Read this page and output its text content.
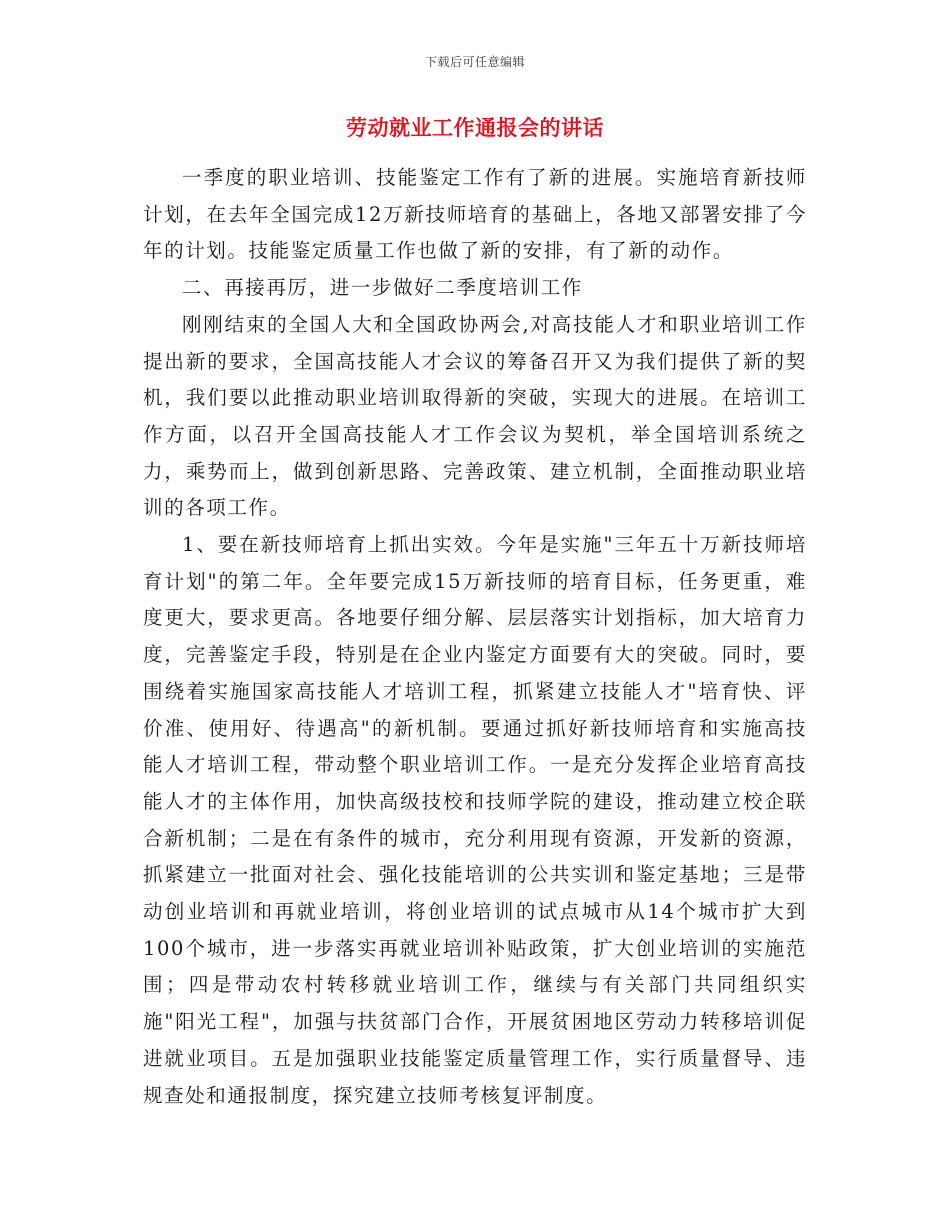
下载后可任意编辑
劳动就业工作通报会的讲话

一季度的职业培训、技能鉴定工作有了新的进展。实施培育新技师计划，在去年全国完成12万新技师培育的基础上，各地又部署安排了今年的计划。技能鉴定质量工作也做了新的安排，有了新的动作。

二、再接再厉，进一步做好二季度培训工作

刚刚结束的全国人大和全国政协两会,对高技能人才和职业培训工作提出新的要求，全国高技能人才会议的筹备召开又为我们提供了新的契机，我们要以此推动职业培训取得新的突破，实现大的进展。在培训工作方面，以召开全国高技能人才工作会议为契机，举全国培训系统之力，乘势而上，做到创新思路、完善政策、建立机制，全面推动职业培训的各项工作。

1、要在新技师培育上抓出实效。今年是实施"三年五十万新技师培育计划"的第二年。全年要完成15万新技师的培育目标，任务更重，难度更大，要求更高。各地要仔细分解、层层落实计划指标，加大培育力度，完善鉴定手段，特别是在企业内鉴定方面要有大的突破。同时，要围绕着实施国家高技能人才培训工程，抓紧建立技能人才"培育快、评价准、使用好、待遇高"的新机制。要通过抓好新技师培育和实施高技能人才培训工程，带动整个职业培训工作。一是充分发挥企业培育高技能人才的主体作用，加快高级技校和技师学院的建设，推动建立校企联合新机制；二是在有条件的城市，充分利用现有资源，开发新的资源，抓紧建立一批面对社会、强化技能培训的公共实训和鉴定基地；三是带动创业培训和再就业培训，将创业培训的试点城市从14个城市扩大到100个城市，进一步落实再就业培训补贴政策，扩大创业培训的实施范围；四是带动农村转移就业培训工作，继续与有关部门共同组织实施"阳光工程"，加强与扶贫部门合作，开展贫困地区劳动力转移培训促进就业项目。五是加强职业技能鉴定质量管理工作，实行质量督导、违规查处和通报制度，探究建立技师考核复评制度。
